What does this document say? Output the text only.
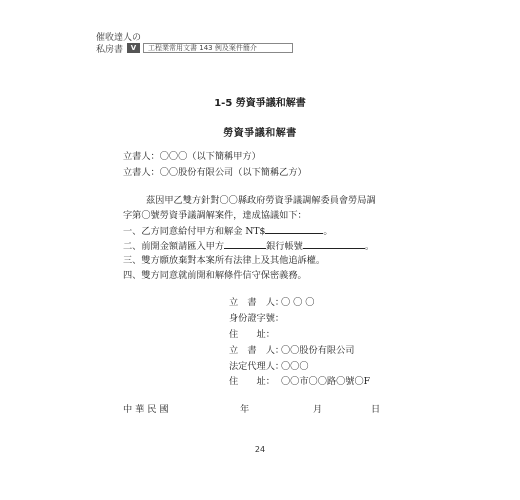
催收達人の
私房書	V	工程業常用文書 143 例及案件簡介
1-5 勞資爭議和解書
勞資爭議和解書
立書人：〇〇〇（以下簡稱甲方）
立書人：〇〇股份有限公司（以下簡稱乙方）
茲因甲乙雙方針對〇〇縣政府勞資爭議調解委員會勞局調
字第〇號勞資爭議調解案件，達成協議如下：
一、乙方同意給付甲方和解金 NT$	。
二、前開金額請匯入甲方	銀行帳號	。
三、雙方願放棄對本案所有法律上及其他追訴權。
四、雙方同意就前開和解條件信守保密義務。
立　書　人：〇 〇 〇
身份證字號：
住　　址：
立　書　人：〇〇股份有限公司
法定代理人：〇〇〇
住　　址： 〇〇市〇〇路〇號〇F
中 華 民 國	年	月	日
24
